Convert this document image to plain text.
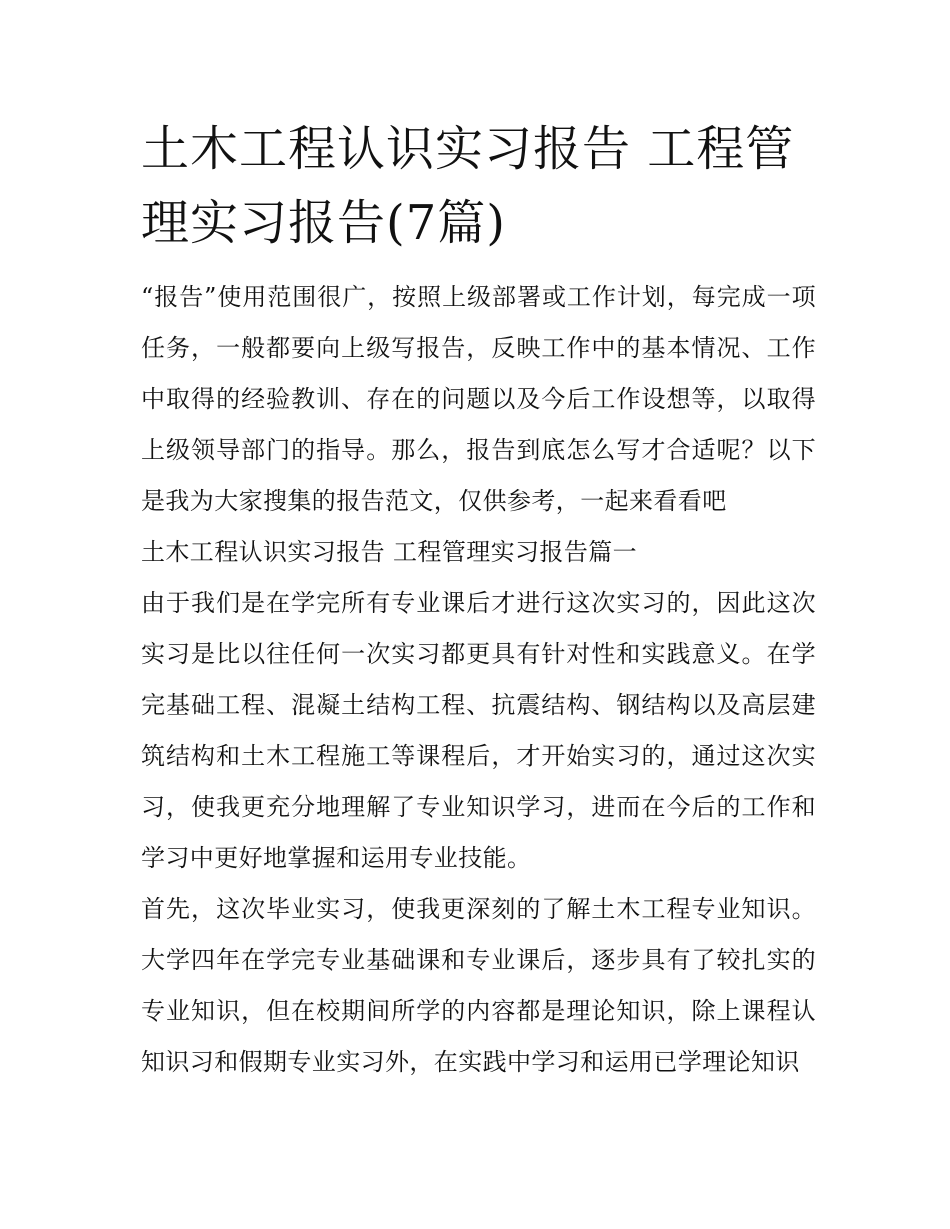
土木工程认识实习报告 工程管理实习报告(7篇)

“报告”使用范围很广，按照上级部署或工作计划，每完成一项任务，一般都要向上级写报告，反映工作中的基本情况、工作中取得的经验教训、存在的问题以及今后工作设想等，以取得上级领导部门的指导。那么，报告到底怎么写才合适呢？以下是我为大家搜集的报告范文，仅供参考，一起来看看吧

土木工程认识实习报告 工程管理实习报告篇一

由于我们是在学完所有专业课后才进行这次实习的，因此这次实习是比以往任何一次实习都更具有针对性和实践意义。在学完基础工程、混凝土结构工程、抗震结构、钢结构以及高层建筑结构和土木工程施工等课程后，才开始实习的，通过这次实习，使我更充分地理解了专业知识学习，进而在今后的工作和学习中更好地掌握和运用专业技能。

首先，这次毕业实习，使我更深刻的了解土木工程专业知识。大学四年在学完专业基础课和专业课后，逐步具有了较扎实的专业知识，但在校期间所学的内容都是理论知识，除上课程认知识习和假期专业实习外，在实践中学习和运用已学理论知识
